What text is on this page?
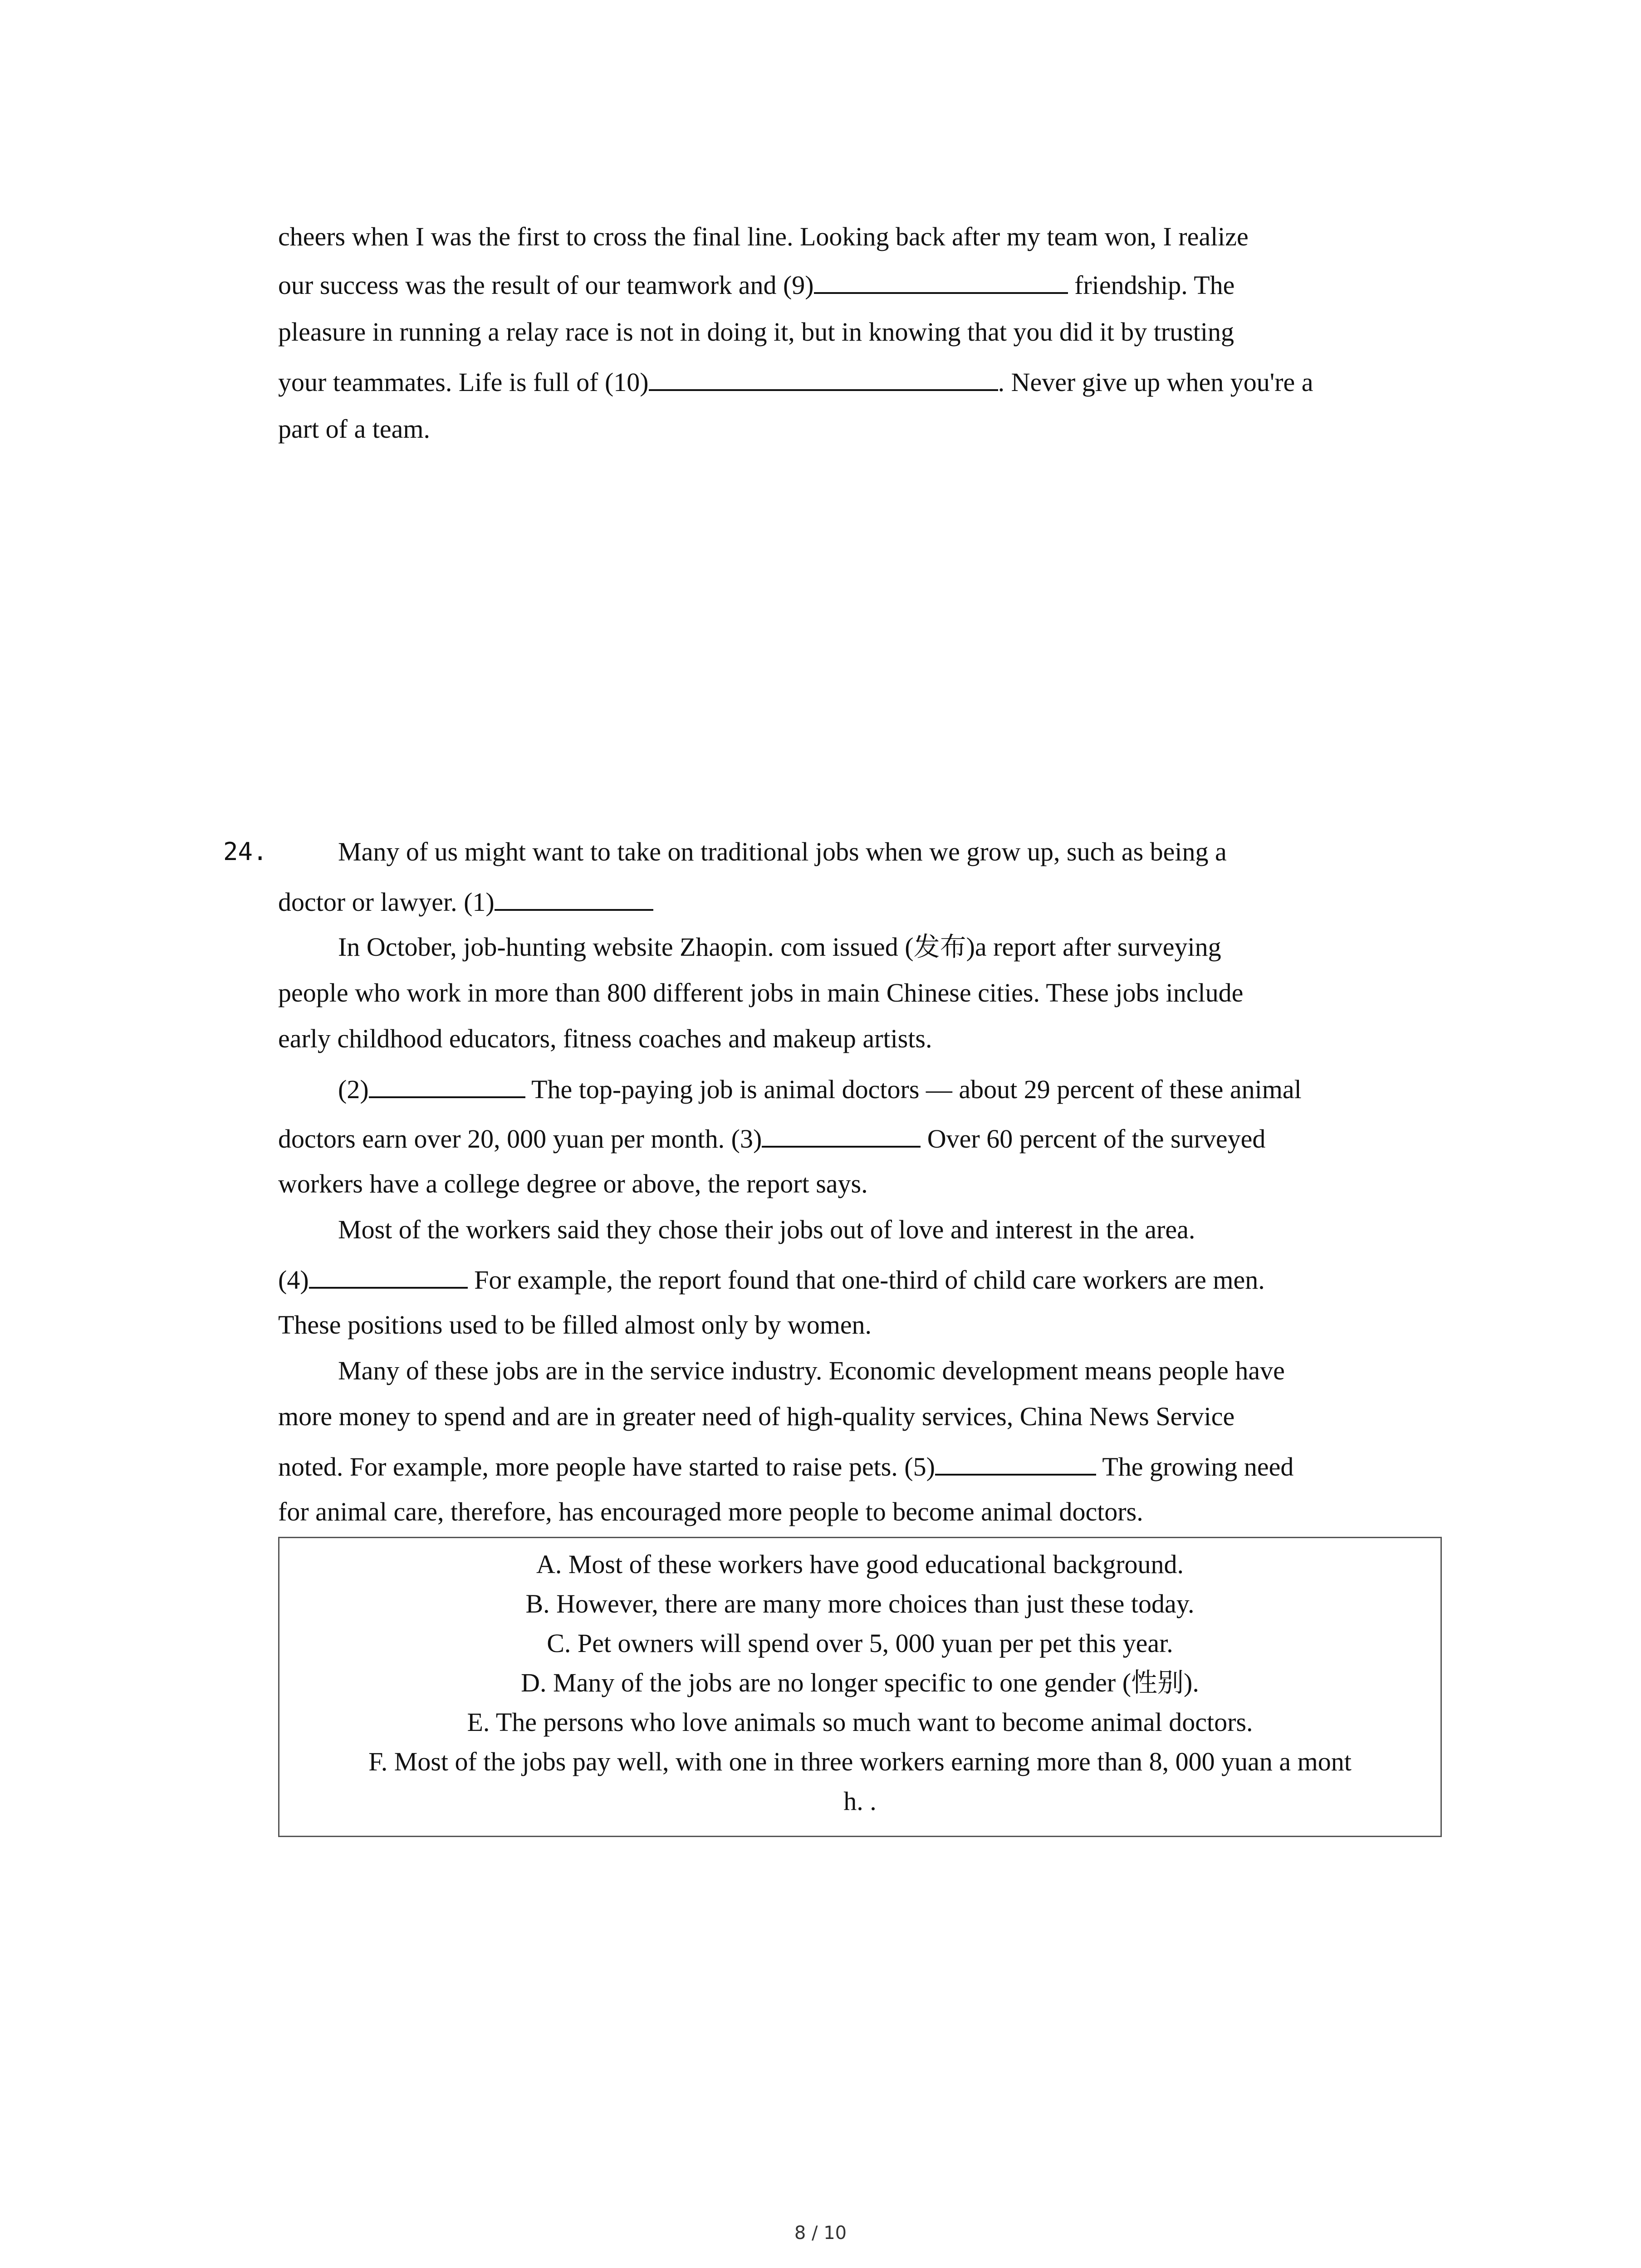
cheers when I was the first to cross the final line. Looking back after my team won, I realize
our success was the result of our teamwork and (9)	friendship. The
pleasure in running a relay race is not in doing it, but in knowing that you did it by trusting
your teammates. Life is full of (10)	. Never give up when you're a
part of a team.
24.	Many of us might want to take on traditional jobs when we grow up, such as being a
doctor or lawyer. (1)
In October, job-hunting website Zhaopin. com issued (发布)a report after surveying
people who work in more than 800 different jobs in main Chinese cities. These jobs include
early childhood educators, fitness coaches and makeup artists.
(2)	The top-paying job is animal doctors — about 29 percent of these animal
doctors earn over 20, 000 yuan per month. (3)	Over 60 percent of the surveyed
workers have a college degree or above, the report says.
Most of the workers said they chose their jobs out of love and interest in the area.
(4)	For example, the report found that one-third of child care workers are men.
These positions used to be filled almost only by women.
Many of these jobs are in the service industry. Economic development means people have
more money to spend and are in greater need of high-quality services, China News Service
noted. For example, more people have started to raise pets. (5)	The growing need
for animal care, therefore, has encouraged more people to become animal doctors.
A. Most of these workers have good educational background.
B. However, there are many more choices than just these today.
C. Pet owners will spend over 5, 000 yuan per pet this year.
D. Many of the jobs are no longer specific to one gender (性别).
E. The persons who love animals so much want to become animal doctors.
F. Most of the jobs pay well, with one in three workers earning more than 8, 000 yuan a mont
h. .
8 / 10
